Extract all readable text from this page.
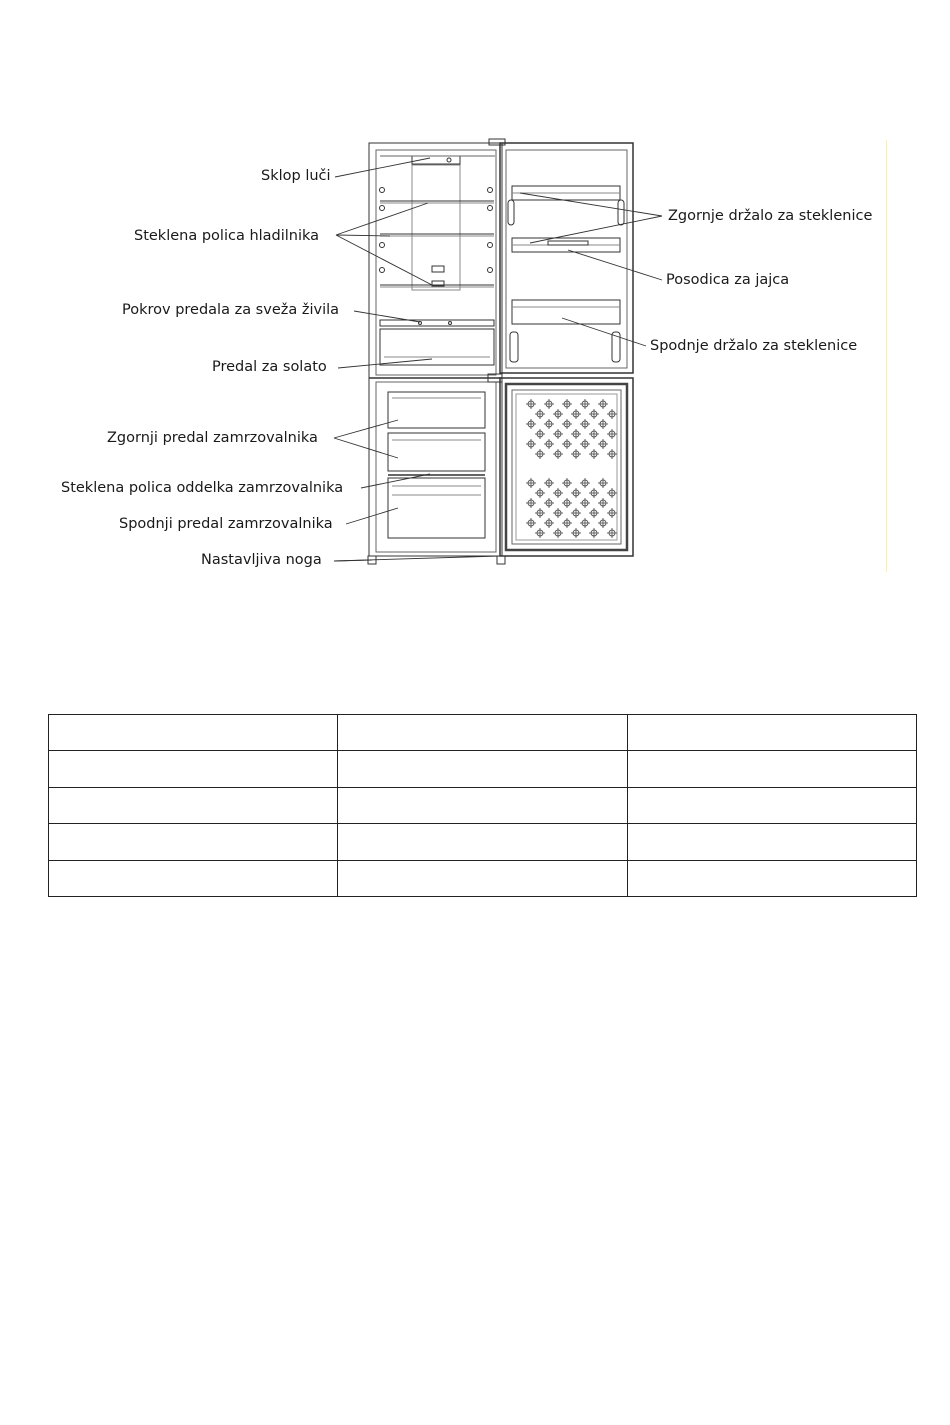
Sklop luči
Steklena polica hladilnika
Pokrov predala za sveža živila
Predal za solato
Zgornji predal zamrzovalnika
Steklena polica oddelka zamrzovalnika
Spodnji predal zamrzovalnika
Nastavljiva noga
Zgornje držalo za steklenice
Posodica za jajca
Spodnje držalo za steklenice
